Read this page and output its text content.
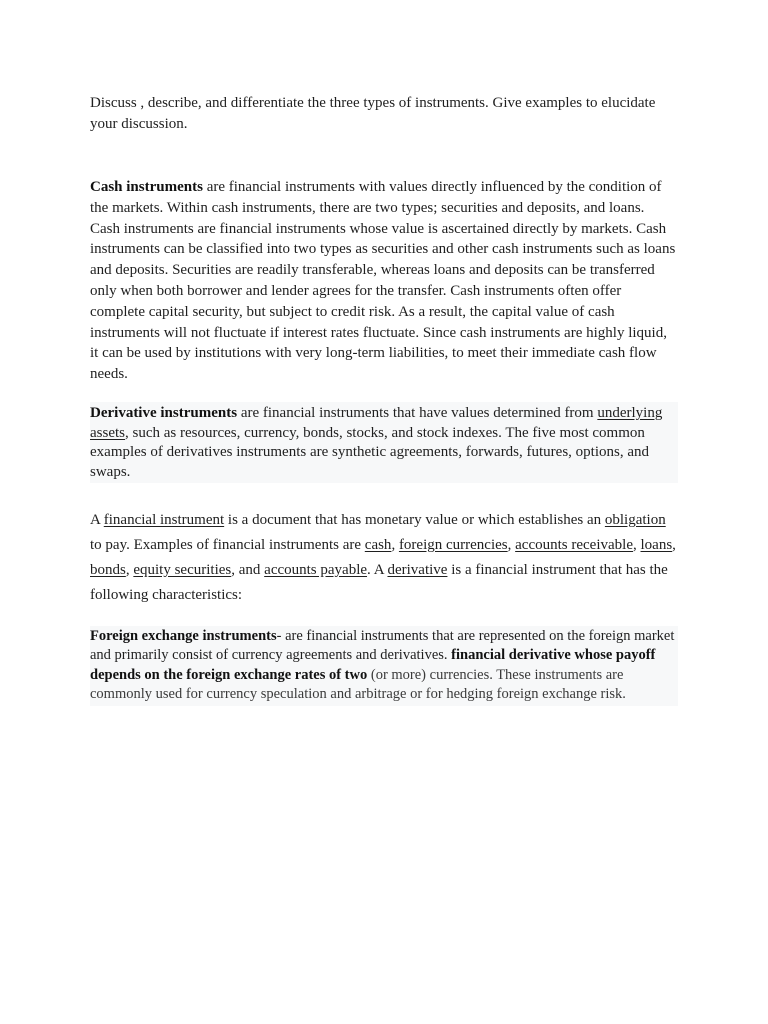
Discuss , describe, and differentiate the three types of instruments. Give examples to elucidate your discussion.

Cash instruments are financial instruments with values directly influenced by the condition of the markets. Within cash instruments, there are two types; securities and deposits, and loans. Cash instruments are financial instruments whose value is ascertained directly by markets. Cash instruments can be classified into two types as securities and other cash instruments such as loans and deposits. Securities are readily transferable, whereas loans and deposits can be transferred only when both borrower and lender agrees for the transfer. Cash instruments often offer complete capital security, but subject to credit risk. As a result, the capital value of cash instruments will not fluctuate if interest rates fluctuate. Since cash instruments are highly liquid, it can be used by institutions with very long-term liabilities, to meet their immediate cash flow needs.

Derivative instruments are financial instruments that have values determined from underlying assets, such as resources, currency, bonds, stocks, and stock indexes. The five most common examples of derivatives instruments are synthetic agreements, forwards, futures, options, and swaps.

A financial instrument is a document that has monetary value or which establishes an obligation to pay. Examples of financial instruments are cash, foreign currencies, accounts receivable, loans, bonds, equity securities, and accounts payable. A derivative is a financial instrument that has the following characteristics:

Foreign exchange instruments- are financial instruments that are represented on the foreign market and primarily consist of currency agreements and derivatives. financial derivative whose payoff depends on the foreign exchange rates of two (or more) currencies. These instruments are commonly used for currency speculation and arbitrage or for hedging foreign exchange risk.
